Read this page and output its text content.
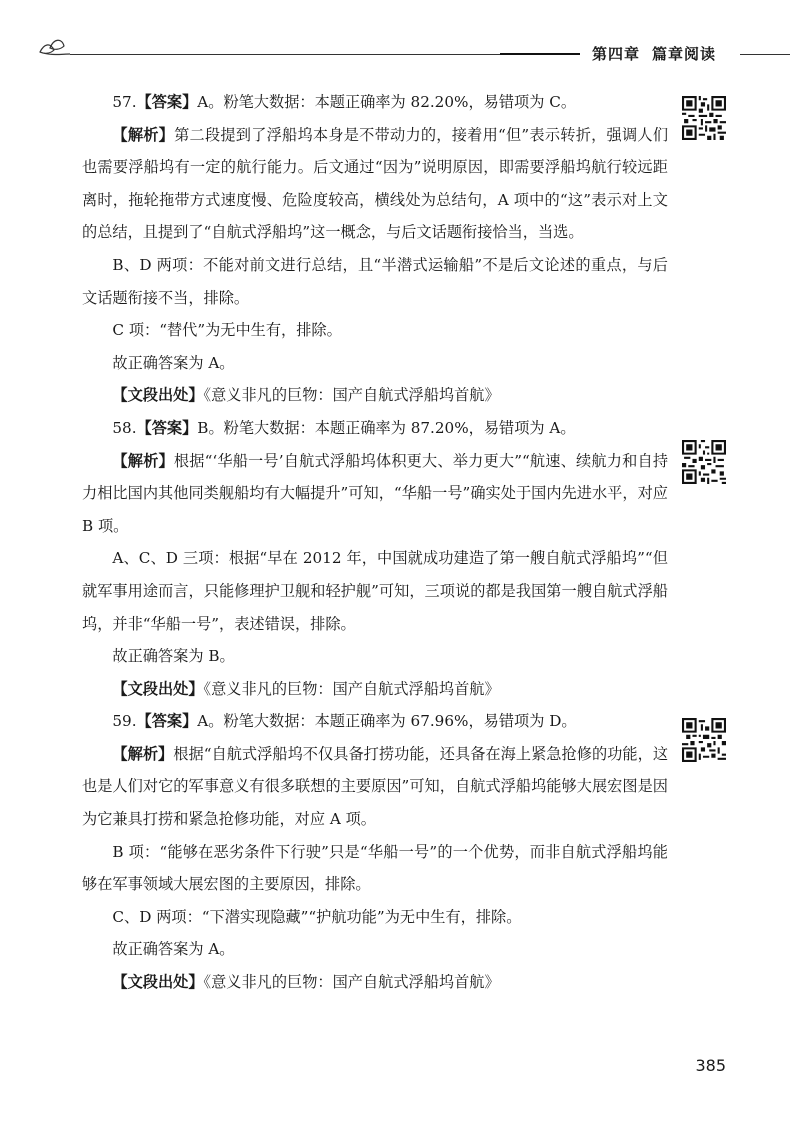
第四章 篇章阅读

57.【答案】A。粉笔大数据：本题正确率为 82.20%，易错项为 C。

【解析】第二段提到了浮船坞本身是不带动力的，接着用“但”表示转折，强调人们也需要浮船坞有一定的航行能力。后文通过“因为”说明原因，即需要浮船坞航行较远距离时，拖轮拖带方式速度慢、危险度较高，横线处为总结句，A 项中的“这”表示对上文的总结，且提到了“自航式浮船坞”这一概念，与后文话题衔接恰当，当选。

B、D 两项：不能对前文进行总结，且“半潜式运输船”不是后文论述的重点，与后文话题衔接不当，排除。

C 项：“替代”为无中生有，排除。

故正确答案为 A。

【文段出处】《意义非凡的巨物：国产自航式浮船坞首航》

58.【答案】B。粉笔大数据：本题正确率为 87.20%，易错项为 A。

【解析】根据“‘华船一号’自航式浮船坞体积更大、举力更大”“航速、续航力和自持力相比国内其他同类舰船均有大幅提升”可知，“华船一号”确实处于国内先进水平，对应 B 项。

A、C、D 三项：根据“早在 2012 年，中国就成功建造了第一艘自航式浮船坞”“但就军事用途而言，只能修理护卫舰和轻护舰”可知，三项说的都是我国第一艘自航式浮船坞，并非“华船一号”，表述错误，排除。

故正确答案为 B。

【文段出处】《意义非凡的巨物：国产自航式浮船坞首航》

59.【答案】A。粉笔大数据：本题正确率为 67.96%，易错项为 D。

【解析】根据“自航式浮船坞不仅具备打捞功能，还具备在海上紧急抢修的功能，这也是人们对它的军事意义有很多联想的主要原因”可知，自航式浮船坞能够大展宏图是因为它兼具打捞和紧急抢修功能，对应 A 项。

B 项：“能够在恶劣条件下行驶”只是“华船一号”的一个优势，而非自航式浮船坞能够在军事领域大展宏图的主要原因，排除。

C、D 两项：“下潜实现隐藏”“护航功能”为无中生有，排除。

故正确答案为 A。

【文段出处】《意义非凡的巨物：国产自航式浮船坞首航》

385
